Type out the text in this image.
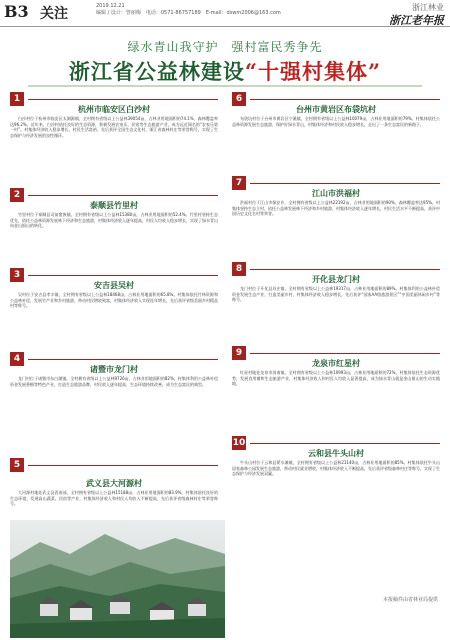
B3 关注	2019.12.21
编辑 / 设计：曾丽梅　电话：0571-86757189　E-mail：dswm2006@163.com
浙江林业
浙江老年报
绿水青山我守护　强村富民秀争先
浙江省公益林建设“十强村集体”
1
杭州市临安区白沙村
白沙村位于杭州市临安区太湖源镇，全村拥有省级以上公益林39054亩，占林业用地面积的74.1%，森林覆盖率达96.2%。近年来，白沙村依托良好的生态资源，积极发展农家乐、民宿等生态旅游产业，成为远近闻名的“农家乐第一村”。村集体经济收入稳步增长，村民生活富裕，先后获评全国生态文化村、浙江省森林村庄等荣誉称号，实现了生态保护与经济发展的良性循环。
2
泰顺县竹里村
竹里村位于泰顺县司前畲族镇，全村拥有省级以上公益林15380亩，占林业用地面积的52.4%。竹里村坚持生态优先，依托公益林资源发展林下经济和生态旅游，村集体经济收入逐年提高，村民人均收入稳步增长，实现了绿水青山向金山银山的转化。
3
安吉县吴村
吴村位于安吉县孝丰镇，全村拥有省级以上公益林18468亩，占林业用地面积的65.8%。村集体依托竹林资源和公益林补偿，发展竹产业和乡村旅游，带动村民增收致富，村集体经济收入实现连年增长，先后获评省级美丽乡村精品村等称号。
4
诸暨市龙门村
龙门村位于诸暨市东白湖镇，全村拥有省级以上公益林9726亩，占林业用地面积的82%。村集体利用公益林补偿资金发展香榧等特色产业，打造生态旅游品牌，村民收入逐年提高，生态环境持续改善，成为生态富民的典型。
5
武义县大河源村
大河源村地处武义县西南部，全村拥有省级以上公益林15188亩，占林业用地面积的83.9%。村集体依托良好的生态环境，发展高山蔬菜、民宿等产业，村集体经济收入和村民人均收入不断提高，先后获评省级森林村庄等荣誉称号。
6
台州市黄岩区布袋坑村
布袋坑村位于台州市黄岩区宁溪镇，全村拥有省级以上公益林10079亩，占林业用地面积的79%。村集体依托公益林资源发展生态旅游，保护好绿水青山，村集体经济和村民收入稳步增长，走出了一条生态富民的新路子。
7
江山市洪福村
洪福村位于江山市保安乡，全村拥有省级以上公益林22192亩，占林业用地面积的90%，森林覆盖率达95%。村集体坚持生态立村，依托公益林发展林下经济和乡村旅游，村集体经济收入逐年增长，村民生活水平不断提高，获评中国历史文化名村等荣誉。
8
开化县龙门村
龙门村位于开化县苏庄镇，全村拥有省级以上公益林19317亩，占林业用地面积的89%。村集体利用公益林补偿资金发展生态产业，打造美丽乡村，村集体经济收入稳步增长，先后获评“国家AA级旅游景区”“中国美丽休闲乡村”等称号。
9
龙泉市红星村
红星村地处龙泉市屏南镇，全村拥有省级以上公益林10993亩，占林业用地面积的72%。村集体依托生态资源优势，发展食用菌和生态旅游产业，村集体经济收入和村民人均收入显著提高，成为绿水青山就是金山银山的生动实践地。
10
云和县牛头山村
牛头山村位于云和县紧水滩镇，全村拥有省级以上公益林21140亩，占林业用地面积的85%。村集体依托牛头山国家森林公园发展生态旅游，带动村民就业增收，村集体经济收入不断提高，先后获评省级森林村庄等称号，实现了生态保护与经济发展双赢。
本报稿件由省林业局提供
